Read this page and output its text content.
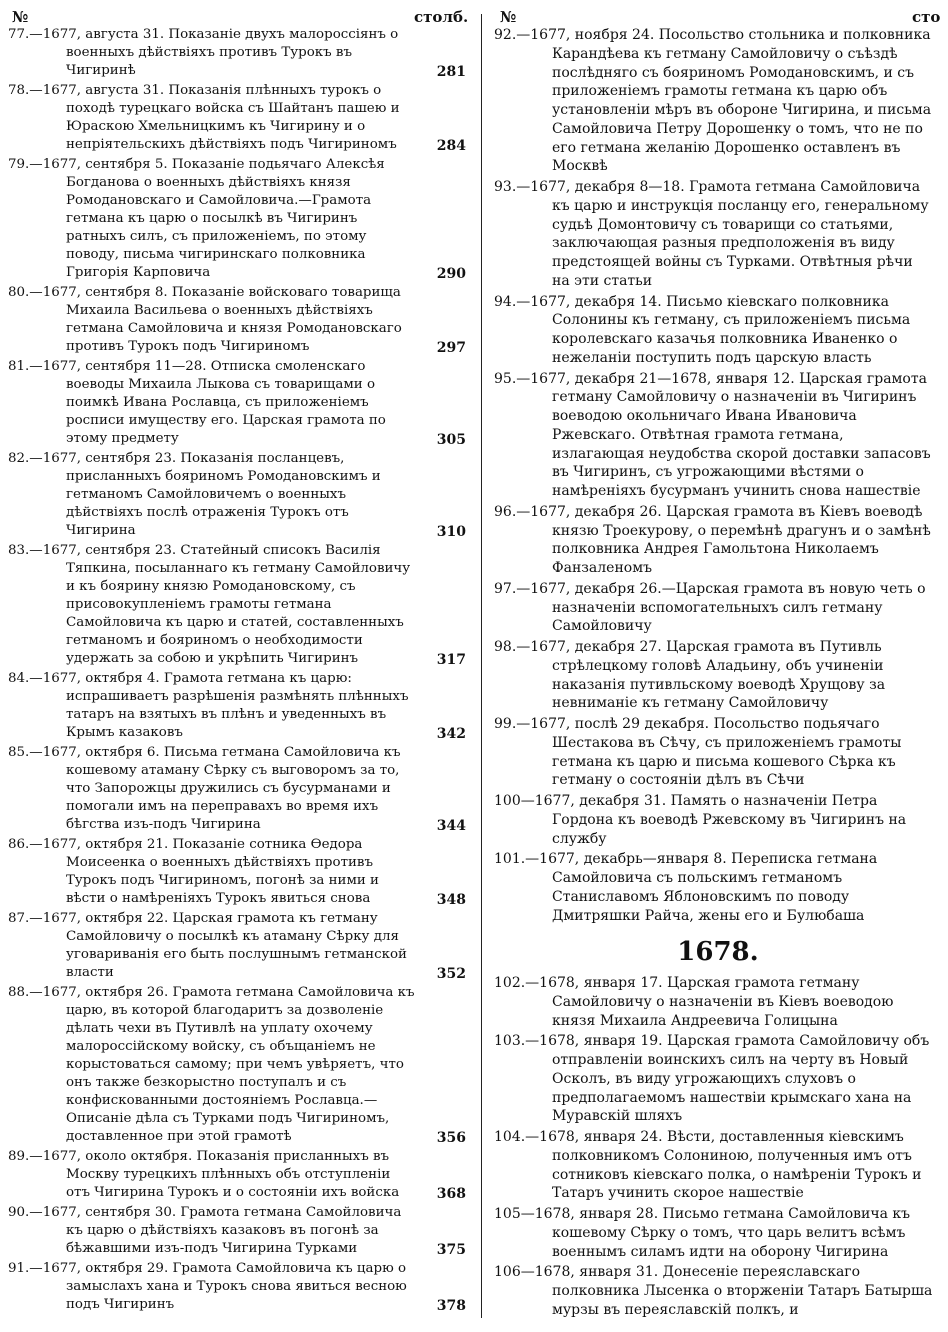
№	столб. №	сто
77.—1677, августа 31. Показаніе двухъ малороссіянъ о военныхъ дѣйствіяхъ противъ Турокъ въ Чигиринѣ	281
78.—1677, августа 31. Показанія плѣнныхъ турокъ о походѣ турецкаго войска съ Шайтанъ пашею и Юраскою Хмельницкимъ къ Чигирину и о непріятельскихъ дѣйствіяхъ подъ Чигириномъ	284
79.—1677, сентября 5. Показаніе подьячаго Алексѣя Богданова о военныхъ дѣйствіяхъ князя Ромодановскаго и Самойловича.—Грамота гетмана къ царю о посылкѣ въ Чигиринъ ратныхъ силъ, съ приложеніемъ, по этому поводу, письма чигиринскаго полковника Григорія Карповича	290
80.—1677, сентября 8. Показаніе войсковаго товарища Михаила Васильева о военныхъ дѣйствіяхъ гетмана Самойловича и князя Ромодановскаго противъ Турокъ подъ Чигириномъ	297
81.—1677, сентября 11—28. Отписка смоленскаго воеводы Михаила Лыкова съ товарищами о поимкѣ Ивана Рославца, съ приложеніемъ росписи имуществу его. Царская грамота по этому предмету	305
82.—1677, сентября 23. Показанія посланцевъ, присланныхъ бояриномъ Ромодановскимъ и гетманомъ Самойловичемъ о военныхъ дѣйствіяхъ послѣ отраженія Турокъ отъ Чигирина	310
83.—1677, сентября 23. Статейный списокъ Василія Тяпкина, посыланнаго къ гетману Самойловичу и къ боярину князю Ромодановскому, съ присовокупленіемъ грамоты гетмана Самойловича къ царю и статей, составленныхъ гетманомъ и бояриномъ о необходимости удержать за собою и укрѣпить Чигиринъ	317
84.—1677, октября 4. Грамота гетмана къ царю: испрашиваетъ разрѣшенія размѣнять плѣнныхъ татаръ на взятыхъ въ плѣнъ и уведенныхъ въ Крымъ казаковъ	342
85.—1677, октября 6. Письма гетмана Самойловича къ кошевому атаману Сѣрку съ выговоромъ за то, что Запорожцы дружились съ бусурманами и помогали имъ на переправахъ во время ихъ бѣгства изъ-подъ Чигирина	344
86.—1677, октября 21. Показаніе сотника Ѳедора Моисеенка о военныхъ дѣйствіяхъ противъ Турокъ подъ Чигириномъ, погонѣ за ними и вѣсти о намѣреніяхъ Турокъ явиться снова	348
87.—1677, октября 22. Царская грамота къ гетману Самойловичу о посылкѣ къ атаману Сѣрку для уговариванія его быть послушнымъ гетманской власти	352
88.—1677, октября 26. Грамота гетмана Самойловича къ царю, въ которой благодаритъ за дозволеніе дѣлать чехи въ Путивлѣ на уплату охочему малороссійскому войску, съ объщаніемъ не корыстоваться самому; при чемъ увѣряетъ, что онъ также безкорыстно поступалъ и съ конфискованными достояніемъ Рославца.—Описаніе дѣла съ Турками подъ Чигириномъ, доставленное при этой грамотѣ	356
89.—1677, около октября. Показанія присланныхъ въ Москву турецкихъ плѣнныхъ объ отступленіи отъ Чигирина Турокъ и о состояніи ихъ войска	368
90.—1677, сентября 30. Грамота гетмана Самойловича къ царю о дѣйствіяхъ казаковъ въ погонѣ за бѣжавшими изъ-подъ Чигирина Турками	375
91.—1677, октября 29. Грамота Самойловича къ царю о замыслахъ хана и Турокъ снова явиться весною подъ Чигиринъ	378
92.—1677, ноября 24. Посольство стольника и полковника Карандѣева къ гетману Самойловичу о съѣздѣ послѣдняго съ бояриномъ Ромодановскимъ, и съ приложеніемъ грамоты гетмана къ царю объ установленіи мѣръ въ обороне Чигирина, и письма Самойловича Петру Дорошенку о томъ, что не по его гетмана желанію Дорошенко оставленъ въ Москвѣ
93.—1677, декабря 8—18. Грамота гетмана Самойловича къ царю и инструкція посланцу его, генеральному судьѣ Домонтовичу съ товарищи со статьями, заключающая разныя предположенія въ виду предстоящей войны съ Турками. Отвѣтныя рѣчи на эти статьи
94.—1677, декабря 14. Письмо кіевскаго полковника Солонины къ гетману, съ приложеніемъ письма королевскаго казачья полковника Иваненко о нежеланіи поступить подъ царскую власть
95.—1677, декабря 21—1678, января 12. Царская грамота гетману Самойловичу о назначеніи въ Чигиринъ воеводою окольничаго Ивана Ивановича Ржевскаго. Отвѣтная грамота гетмана, излагающая неудобства скорой доставки запасовъ въ Чигиринъ, съ угрожающими вѣстями о намѣреніяхъ бусурманъ учинить снова нашествіе
96.—1677, декабря 26. Царская грамота въ Кіевъ воеводѣ князю Троекурову, о перемѣнѣ драгунъ и о замѣнѣ полковника Андрея Гамольтона Николаемъ Фанзаленомъ
97.—1677, декабря 26.—Царская грамота въ новую четь о назначеніи вспомогательныхъ силъ гетману Самойловичу
98.—1677, декабря 27. Царская грамота въ Путивль стрѣлецкому головѣ Аладьину, объ учиненіи наказанія путивльскому воеводѣ Хрущову за невниманіе къ гетману Самойловичу
99.—1677, послѣ 29 декабря. Посольство подьячаго Шестакова въ Сѣчу, съ приложеніемъ грамоты гетмана къ царю и письма кошевого Сѣрка къ гетману о состояніи дѣлъ въ Сѣчи
100—1677, декабря 31. Память о назначеніи Петра Гордона къ воеводѣ Ржевскому въ Чигиринъ на службу
101.—1677, декабрь—января 8. Переписка гетмана Самойловича съ польскимъ гетманомъ Станиславомъ Яблоновскимъ по поводу Дмитряшки Райча, жены его и Булюбаша
1678.
102.—1678, января 17. Царская грамота гетману Самойловичу о назначеніи въ Кіевъ воеводою князя Михаила Андреевича Голицына
103.—1678, января 19. Царская грамота Самойловичу объ отправленіи воинскихъ силъ на черту въ Новый Осколъ, въ виду угрожающихъ слуховъ о предполагаемомъ нашествіи крымскаго хана на Муравскій шляхъ
104.—1678, января 24. Вѣсти, доставленныя кіевскимъ полковникомъ Солониною, полученныя имъ отъ сотниковъ кіевскаго полка, о намѣреніи Турокъ и Татаръ учинить скорое нашествіе
105—1678, января 28. Письмо гетмана Самойловича къ кошевому Сѣрку о томъ, что царь велитъ всѣмъ военнымъ силамъ идти на оборону Чигирина
106—1678, января 31. Донесеніе переяславскаго полковника Лысенка о вторженіи Татаръ Батырша мурзы въ переяславскій полкъ, и
